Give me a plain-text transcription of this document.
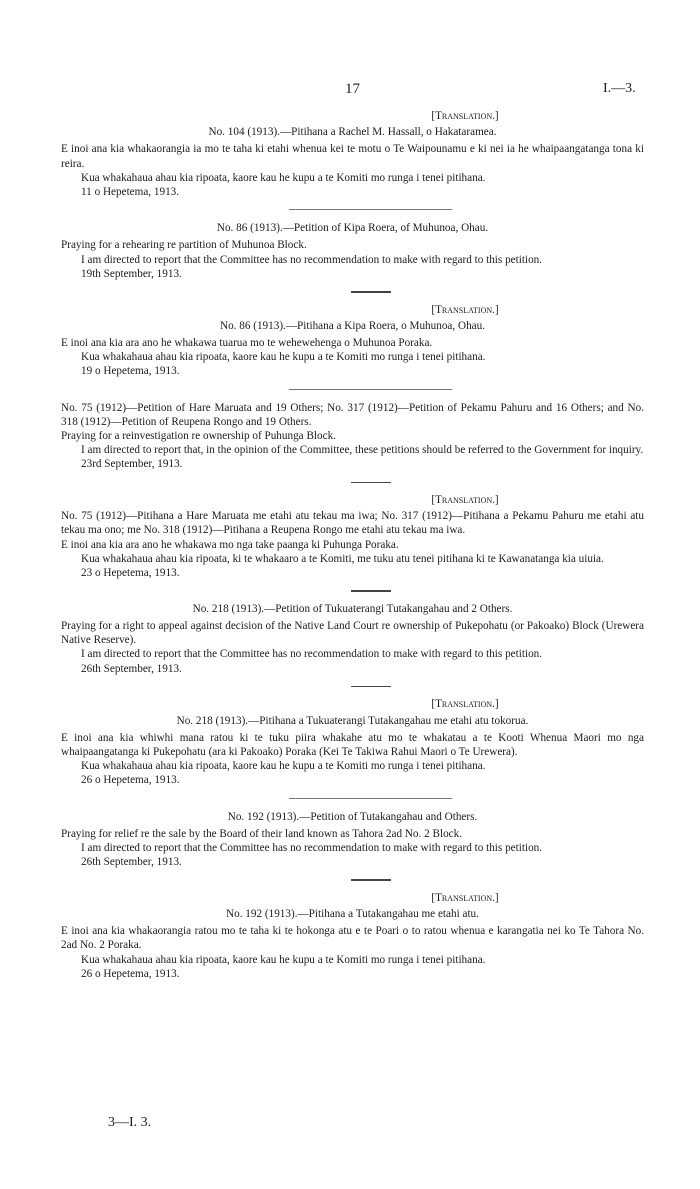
17	I.—3.
[Translation.]
No. 104 (1913).—Pitihana a Rachel M. Hassall, o Hakataramea.

E inoi ana kia whakaorangia ia mo te taha ki etahi whenua kei te motu o Te Waipounamu e ki nei ia he whaipaangatanga tona ki reira.

Kua whakahaua ahau kia ripoata, kaore kau he kupu a te Komiti mo runga i tenei pitihana.

11 o Hepetema, 1913.
No. 86 (1913).—Petition of Kipa Roera, of Muhunoa, Ohau.

Praying for a rehearing re partition of Muhunoa Block.

I am directed to report that the Committee has no recommendation to make with regard to this petition.

19th September, 1913.
[Translation.]
No. 86 (1913).—Pitihana a Kipa Roera, o Muhunoa, Ohau.

E inoi ana kia ara ano he whakawa tuarua mo te wehewehenga o Muhunoa Poraka.

Kua whakahaua ahau kia ripoata, kaore kau he kupu a te Komiti mo runga i tenei pitihana.

19 o Hepetema, 1913.

No. 75 (1912)—Petition of Hare Maruata and 19 Others; No. 317 (1912)—Petition of Pekamu Pahuru and 16 Others; and No. 318 (1912)—Petition of Reupena Rongo and 19 Others.

Praying for a reinvestigation re ownership of Puhunga Block.

I am directed to report that, in the opinion of the Committee, these petitions should be referred to the Government for inquiry.

23rd September, 1913.
[Translation.]

No. 75 (1912)—Pitihana a Hare Maruata me etahi atu tekau ma iwa; No. 317 (1912)—Pitihana a Pekamu Pahuru me etahi atu tekau ma ono; me No. 318 (1912)—Pitihana a Reupena Rongo me etahi atu tekau ma iwa.

E inoi ana kia ara ano he whakawa mo nga take paanga ki Puhunga Poraka.

Kua whakahaua ahau kia ripoata, ki te whakaaro a te Komiti, me tuku atu tenei pitihana ki te Kawanatanga kia uiuia.

23 o Hepetema, 1913.
No. 218 (1913).—Petition of Tukuaterangi Tutakangahau and 2 Others.

Praying for a right to appeal against decision of the Native Land Court re ownership of Pukepohatu (or Pakoako) Block (Urewera Native Reserve).

I am directed to report that the Committee has no recommendation to make with regard to this petition.

26th September, 1913.
[Translation.]
No. 218 (1913).—Pitihana a Tukuaterangi Tutakangahau me etahi atu tokorua.

E inoi ana kia whiwhi mana ratou ki te tuku piira whakahe atu mo te whakatau a te Kooti Whenua Maori mo nga whaipaangatanga ki Pukepohatu (ara ki Pakoako) Poraka (Kei Te Takiwa Rahui Maori o Te Urewera).

Kua whakahaua ahau kia ripoata, kaore kau he kupu a te Komiti mo runga i tenei pitihana.

26 o Hepetema, 1913.
No. 192 (1913).—Petition of Tutakangahau and Others.

Praying for relief re the sale by the Board of their land known as Tahora 2ad No. 2 Block.

I am directed to report that the Committee has no recommendation to make with regard to this petition.

26th September, 1913.
[Translation.]
No. 192 (1913).—Pitihana a Tutakangahau me etahi atu.

E inoi ana kia whakaorangia ratou mo te taha ki te hokonga atu e te Poari o to ratou whenua e karangatia nei ko Te Tahora No. 2ad No. 2 Poraka.

Kua whakahaua ahau kia ripoata, kaore kau he kupu a te Komiti mo runga i tenei pitihana.

26 o Hepetema, 1913.
3—I. 3.
